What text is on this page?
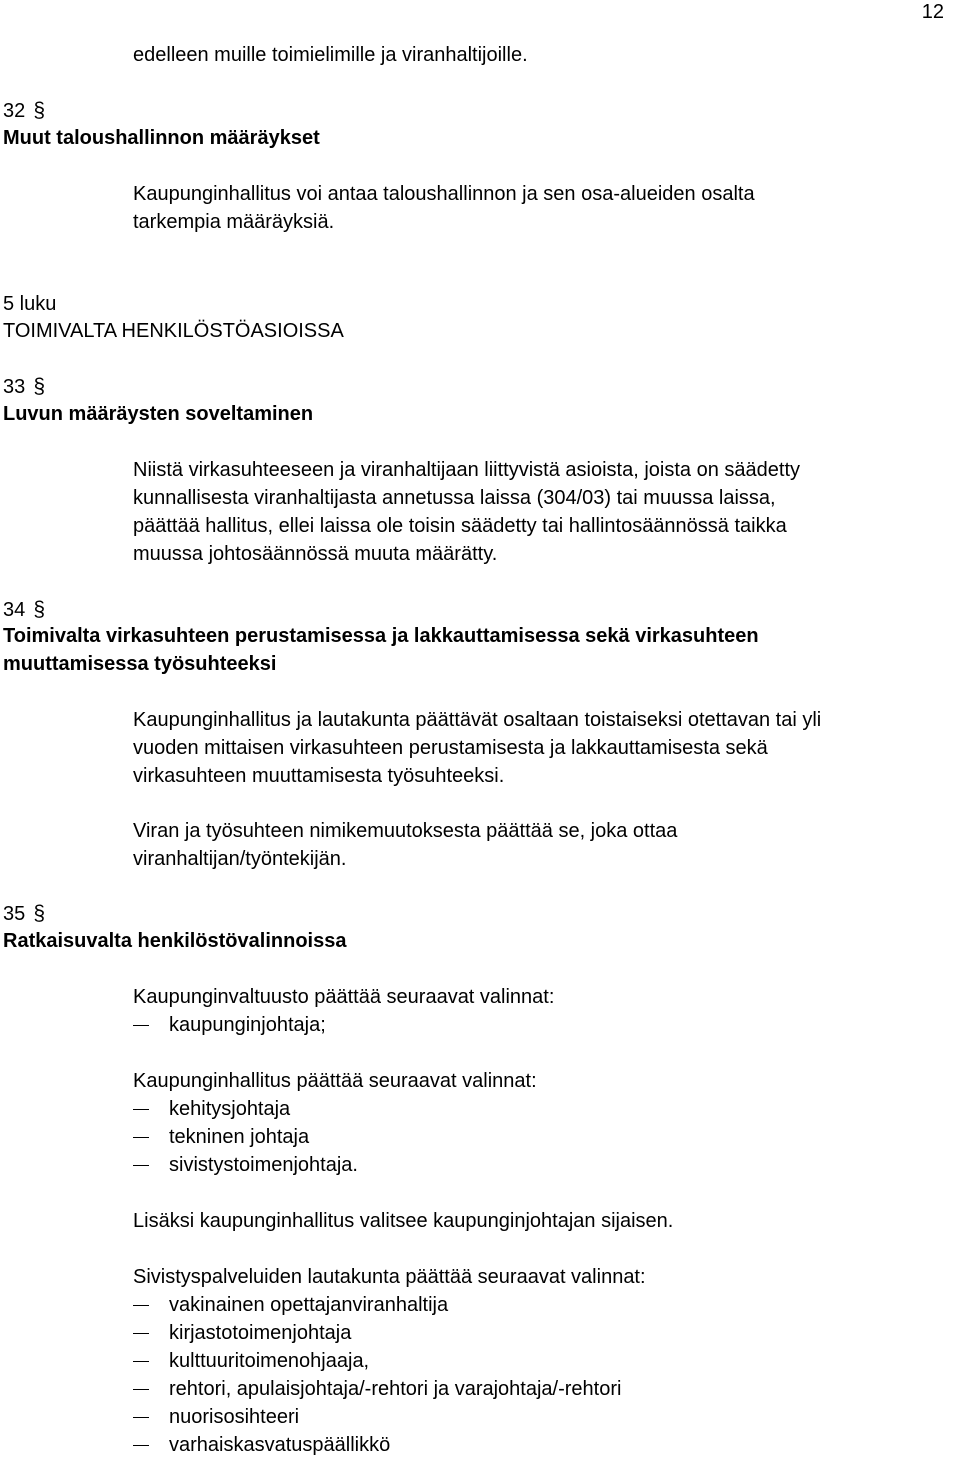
12
edelleen muille toimielimille ja viranhaltijoille.
32 §
Muut taloushallinnon määräykset
Kaupunginhallitus voi antaa taloushallinnon ja sen osa-alueiden osalta
tarkempia määräyksiä.
5 luku
TOIMIVALTA HENKILÖSTÖASIOISSA
33 §
Luvun määräysten soveltaminen
Niistä virkasuhteeseen ja viranhaltijaan liittyvistä asioista, joista on säädetty
kunnallisesta viranhaltijasta annetussa laissa (304/03) tai muussa laissa,
päättää hallitus, ellei laissa ole toisin säädetty tai hallintosäännössä taikka
muussa johtosäännössä muuta määrätty.
34 §
Toimivalta virkasuhteen perustamisessa ja lakkauttamisessa sekä virkasuhteen
muuttamisessa työsuhteeksi
Kaupunginhallitus ja lautakunta päättävät osaltaan toistaiseksi otettavan tai yli
vuoden mittaisen virkasuhteen perustamisesta ja lakkauttamisesta sekä
virkasuhteen muuttamisesta työsuhteeksi.
Viran ja työsuhteen nimikemuutoksesta päättää se, joka ottaa
viranhaltijan/työntekijän.
35 §
Ratkaisuvalta henkilöstövalinnoissa
Kaupunginvaltuusto päättää seuraavat valinnat:
kaupunginjohtaja;
Kaupunginhallitus päättää seuraavat valinnat:
kehitysjohtaja
tekninen johtaja
sivistystoimenjohtaja.
Lisäksi kaupunginhallitus valitsee kaupunginjohtajan sijaisen.
Sivistyspalveluiden lautakunta päättää seuraavat valinnat:
vakinainen opettajanviranhaltija
kirjastotoimenjohtaja
kulttuuritoimenohjaaja,
rehtori, apulaisjohtaja/-rehtori ja varajohtaja/-rehtori
nuorisosihteeri
varhaiskasvatuspäällikkö
